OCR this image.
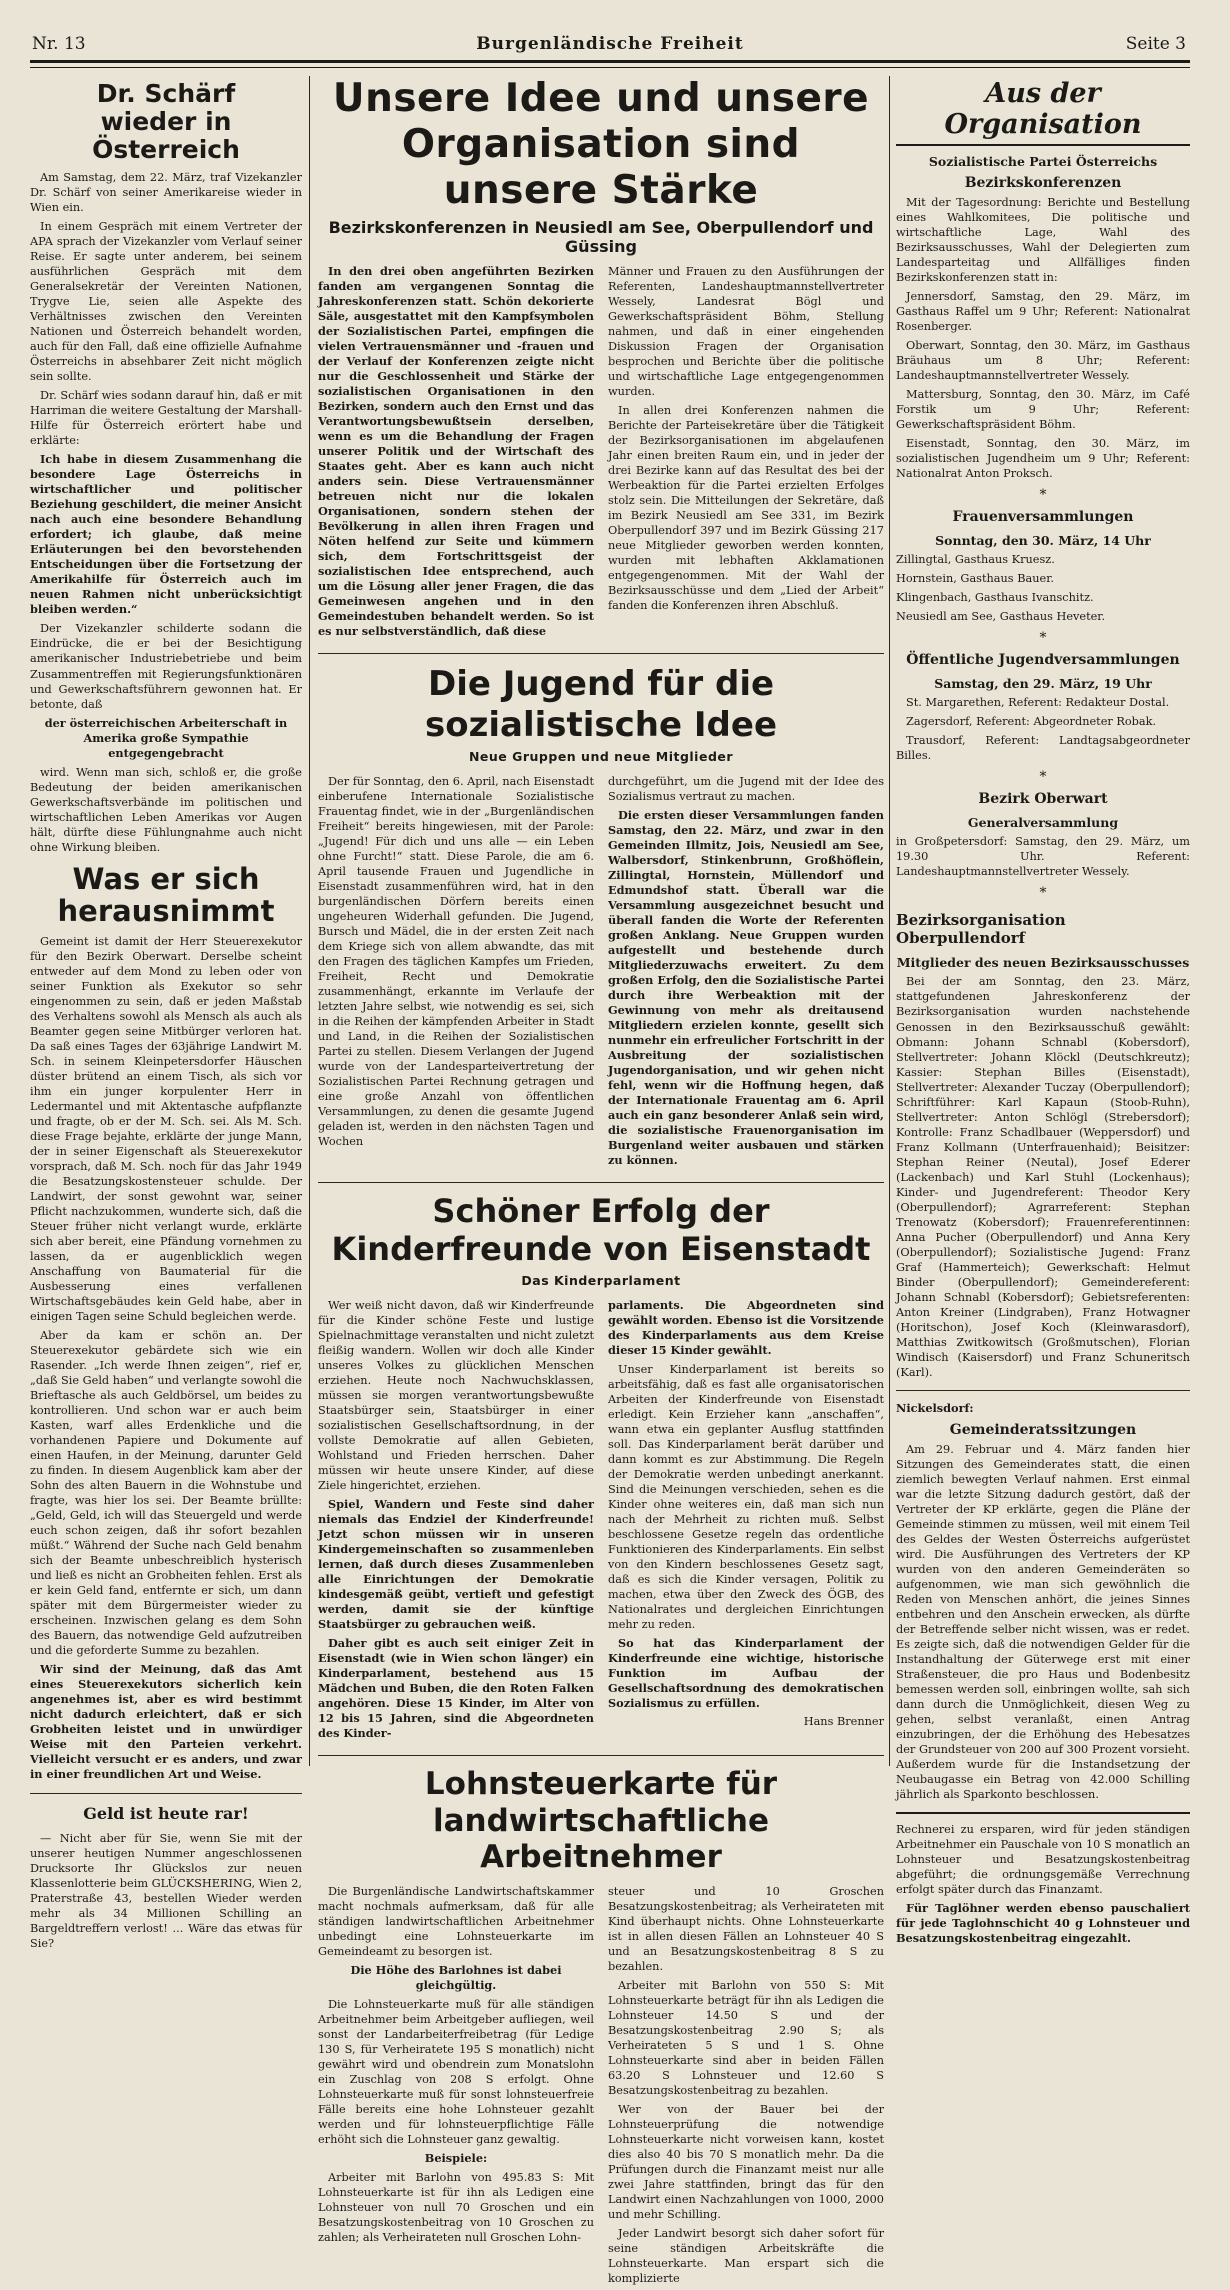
Nr. 13	Burgenländische Freiheit	Seite 3
Dr. Schärf
wieder in Österreich

Am Samstag, dem 22. März, traf Vizekanzler Dr. Schärf von seiner Amerikareise wieder in Wien ein.

In einem Gespräch mit einem Vertreter der APA sprach der Vizekanzler vom Verlauf seiner Reise. Er sagte unter anderem, bei seinem ausführlichen Gespräch mit dem Generalsekretär der Vereinten Nationen, Trygve Lie, seien alle Aspekte des Verhältnisses zwischen den Vereinten Nationen und Österreich behandelt worden, auch für den Fall, daß eine offizielle Aufnahme Österreichs in absehbarer Zeit nicht möglich sein sollte.

Dr. Schärf wies sodann darauf hin, daß er mit Harriman die weitere Gestaltung der Marshall-Hilfe für Österreich erörtert habe und erklärte:

Ich habe in diesem Zusammenhang die besondere Lage Österreichs in wirtschaftlicher und politischer Beziehung geschildert, die meiner Ansicht nach auch eine besondere Behandlung erfordert; ich glaube, daß meine Erläuterungen bei den bevorstehenden Entscheidungen über die Fortsetzung der Amerikahilfe für Österreich auch im neuen Rahmen nicht unberücksichtigt bleiben werden.“

Der Vizekanzler schilderte sodann die Eindrücke, die er bei der Besichtigung amerikanischer Industriebetriebe und beim Zusammentreffen mit Regierungsfunktionären und Gewerkschaftsführern gewonnen hat. Er betonte, daß

der österreichischen Arbeiterschaft in Amerika große Sympathie entgegengebracht

wird. Wenn man sich, schloß er, die große Bedeutung der beiden amerikanischen Gewerkschaftsverbände im politischen und wirtschaftlichen Leben Amerikas vor Augen hält, dürfte diese Fühlungnahme auch nicht ohne Wirkung bleiben.

Was er sich herausnimmt

Gemeint ist damit der Herr Steuerexekutor für den Bezirk Oberwart. Derselbe scheint entweder auf dem Mond zu leben oder von seiner Funktion als Exekutor so sehr eingenommen zu sein, daß er jeden Maßstab des Verhaltens sowohl als Mensch als auch als Beamter gegen seine Mitbürger verloren hat. Da saß eines Tages der 63jährige Landwirt M. Sch. in seinem Kleinpetersdorfer Häuschen düster brütend an einem Tisch, als sich vor ihm ein junger korpulenter Herr in Ledermantel und mit Aktentasche aufpflanzte und fragte, ob er der M. Sch. sei. Als M. Sch. diese Frage bejahte, erklärte der junge Mann, der in seiner Eigenschaft als Steuerexekutor vorsprach, daß M. Sch. noch für das Jahr 1949 die Besatzungskostensteuer schulde. Der Landwirt, der sonst gewohnt war, seiner Pflicht nachzukommen, wunderte sich, daß die Steuer früher nicht verlangt wurde, erklärte sich aber bereit, eine Pfändung vornehmen zu lassen, da er augenblicklich wegen Anschaffung von Baumaterial für die Ausbesserung eines verfallenen Wirtschaftsgebäudes kein Geld habe, aber in einigen Tagen seine Schuld begleichen werde.

Aber da kam er schön an. Der Steuerexekutor gebärdete sich wie ein Rasender. „Ich werde Ihnen zeigen“, rief er, „daß Sie Geld haben“ und verlangte sowohl die Brieftasche als auch Geldbörsel, um beides zu kontrollieren. Und schon war er auch beim Kasten, warf alles Erdenkliche und die vorhandenen Papiere und Dokumente auf einen Haufen, in der Meinung, darunter Geld zu finden. In diesem Augenblick kam aber der Sohn des alten Bauern in die Wohnstube und fragte, was hier los sei. Der Beamte brüllte: „Geld, Geld, ich will das Steuergeld und werde euch schon zeigen, daß ihr sofort bezahlen müßt.“ Während der Suche nach Geld benahm sich der Beamte unbeschreiblich hysterisch und ließ es nicht an Grobheiten fehlen. Erst als er kein Geld fand, entfernte er sich, um dann später mit dem Bürgermeister wieder zu erscheinen. Inzwischen gelang es dem Sohn des Bauern, das notwendige Geld aufzutreiben und die geforderte Summe zu bezahlen.

Wir sind der Meinung, daß das Amt eines Steuerexekutors sicherlich kein angenehmes ist, aber es wird bestimmt nicht dadurch erleichtert, daß er sich Grobheiten leistet und in unwürdiger Weise mit den Parteien verkehrt. Vielleicht versucht er es anders, und zwar in einer freundlichen Art und Weise.

Geld ist heute rar!

— Nicht aber für Sie, wenn Sie mit der unserer heutigen Nummer angeschlossenen Drucksorte Ihr Glückslos zur neuen Klassenlotterie beim GLÜCKSHERING, Wien 2, Praterstraße 43, bestellen Wieder werden mehr als 34 Millionen Schilling an Bargeldtreffern verlost! ... Wäre das etwas für Sie?

Unsere Idee und unsere Organisation sind unsere Stärke
Bezirkskonferenzen in Neusiedl am See, Oberpullendorf und Güssing

In den drei oben angeführten Bezirken fanden am vergangenen Sonntag die Jahreskonferenzen statt. Schön dekorierte Säle, ausgestattet mit den Kampfsymbolen der Sozialistischen Partei, empfingen die vielen Vertrauensmänner und -frauen und der Verlauf der Konferenzen zeigte nicht nur die Geschlossenheit und Stärke der sozialistischen Organisationen in den Bezirken, sondern auch den Ernst und das Verantwortungsbewußtsein derselben, wenn es um die Behandlung der Fragen unserer Politik und der Wirtschaft des Staates geht. Aber es kann auch nicht anders sein. Diese Vertrauensmänner betreuen nicht nur die lokalen Organisationen, sondern stehen der Bevölkerung in allen ihren Fragen und Nöten helfend zur Seite und kümmern sich, dem Fortschrittsgeist der sozialistischen Idee entsprechend, auch um die Lösung aller jener Fragen, die das Gemeinwesen angehen und in den Gemeindestuben behandelt werden. So ist es nur selbstverständlich, daß diese

Männer und Frauen zu den Ausführungen der Referenten, Landeshauptmannstellvertreter Wessely, Landesrat Bögl und Gewerkschaftspräsident Böhm, Stellung nahmen, und daß in einer eingehenden Diskussion Fragen der Organisation besprochen und Berichte über die politische und wirtschaftliche Lage entgegengenommen wurden.

In allen drei Konferenzen nahmen die Berichte der Parteisekretäre über die Tätigkeit der Bezirksorganisationen im abgelaufenen Jahr einen breiten Raum ein, und in jeder der drei Bezirke kann auf das Resultat des bei der Werbeaktion für die Partei erzielten Erfolges stolz sein. Die Mitteilungen der Sekretäre, daß im Bezirk Neusiedl am See 331, im Bezirk Oberpullendorf 397 und im Bezirk Güssing 217 neue Mitglieder geworben werden konnten, wurden mit lebhaften Akklamationen entgegengenommen. Mit der Wahl der Bezirksausschüsse und dem „Lied der Arbeit“ fanden die Konferenzen ihren Abschluß.

Die Jugend für die sozialistische Idee
Neue Gruppen und neue Mitglieder

Der für Sonntag, den 6. April, nach Eisenstadt einberufene Internationale Sozialistische Frauentag findet, wie in der „Burgenländischen Freiheit“ bereits hingewiesen, mit der Parole: „Jugend! Für dich und uns alle — ein Leben ohne Furcht!“ statt. Diese Parole, die am 6. April tausende Frauen und Jugendliche in Eisenstadt zusammenführen wird, hat in den burgenländischen Dörfern bereits einen ungeheuren Widerhall gefunden. Die Jugend, Bursch und Mädel, die in der ersten Zeit nach dem Kriege sich von allem abwandte, das mit den Fragen des täglichen Kampfes um Frieden, Freiheit, Recht und Demokratie zusammenhängt, erkannte im Verlaufe der letzten Jahre selbst, wie notwendig es sei, sich in die Reihen der kämpfenden Arbeiter in Stadt und Land, in die Reihen der Sozialistischen Partei zu stellen. Diesem Verlangen der Jugend wurde von der Landesparteivertretung der Sozialistischen Partei Rechnung getragen und eine große Anzahl von öffentlichen Versammlungen, zu denen die gesamte Jugend geladen ist, werden in den nächsten Tagen und Wochen

durchgeführt, um die Jugend mit der Idee des Sozialismus vertraut zu machen.

Die ersten dieser Versammlungen fanden Samstag, den 22. März, und zwar in den Gemeinden Illmitz, Jois, Neusiedl am See, Walbersdorf, Stinkenbrunn, Großhöflein, Zillingtal, Hornstein, Müllendorf und Edmundshof statt. Überall war die Versammlung ausgezeichnet besucht und überall fanden die Worte der Referenten großen Anklang. Neue Gruppen wurden aufgestellt und bestehende durch Mitgliederzuwachs erweitert. Zu dem großen Erfolg, den die Sozialistische Partei durch ihre Werbeaktion mit der Gewinnung von mehr als dreitausend Mitgliedern erzielen konnte, gesellt sich nunmehr ein erfreulicher Fortschritt in der Ausbreitung der sozialistischen Jugendorganisation, und wir gehen nicht fehl, wenn wir die Hoffnung hegen, daß der Internationale Frauentag am 6. April auch ein ganz besonderer Anlaß sein wird, die sozialistische Frauenorganisation im Burgenland weiter ausbauen und stärken zu können.

Schöner Erfolg der Kinderfreunde von Eisenstadt
Das Kinderparlament

Wer weiß nicht davon, daß wir Kinderfreunde für die Kinder schöne Feste und lustige Spielnachmittage veranstalten und nicht zuletzt fleißig wandern. Wollen wir doch alle Kinder unseres Volkes zu glücklichen Menschen erziehen. Heute noch Nachwuchsklassen, müssen sie morgen verantwortungsbewußte Staatsbürger sein, Staatsbürger in einer sozialistischen Gesellschaftsordnung, in der vollste Demokratie auf allen Gebieten, Wohlstand und Frieden herrschen. Daher müssen wir heute unsere Kinder, auf diese Ziele hingerichtet, erziehen.

Spiel, Wandern und Feste sind daher niemals das Endziel der Kinderfreunde! Jetzt schon müssen wir in unseren Kindergemeinschaften so zusammenleben lernen, daß durch dieses Zusammenleben alle Einrichtungen der Demokratie kindesgemäß geübt, vertieft und gefestigt werden, damit sie der künftige Staatsbürger zu gebrauchen weiß.

Daher gibt es auch seit einiger Zeit in Eisenstadt (wie in Wien schon länger) ein Kinderparlament, bestehend aus 15 Mädchen und Buben, die den Roten Falken angehören. Diese 15 Kinder, im Alter von 12 bis 15 Jahren, sind die Abgeordneten des Kinder-

parlaments. Die Abgeordneten sind gewählt worden. Ebenso ist die Vorsitzende des Kinderparlaments aus dem Kreise dieser 15 Kinder gewählt.

Unser Kinderparlament ist bereits so arbeitsfähig, daß es fast alle organisatorischen Arbeiten der Kinderfreunde von Eisenstadt erledigt. Kein Erzieher kann „anschaffen“, wann etwa ein geplanter Ausflug stattfinden soll. Das Kinderparlament berät darüber und dann kommt es zur Abstimmung. Die Regeln der Demokratie werden unbedingt anerkannt. Sind die Meinungen verschieden, sehen es die Kinder ohne weiteres ein, daß man sich nun nach der Mehrheit zu richten muß. Selbst beschlossene Gesetze regeln das ordentliche Funktionieren des Kinderparlaments. Ein selbst von den Kindern beschlossenes Gesetz sagt, daß es sich die Kinder versagen, Politik zu machen, etwa über den Zweck des ÖGB, des Nationalrates und dergleichen Einrichtungen mehr zu reden.

So hat das Kinderparlament der Kinderfreunde eine wichtige, historische Funktion im Aufbau der Gesellschaftsordnung des demokratischen Sozialismus zu erfüllen.

Hans Brenner
Lohnsteuerkarte für landwirtschaftliche Arbeitnehmer

Die Burgenländische Landwirtschaftskammer macht nochmals aufmerksam, daß für alle ständigen landwirtschaftlichen Arbeitnehmer unbedingt eine Lohnsteuerkarte im Gemeindeamt zu besorgen ist.

Die Höhe des Barlohnes ist dabei gleichgültig.

Die Lohnsteuerkarte muß für alle ständigen Arbeitnehmer beim Arbeitgeber aufliegen, weil sonst der Landarbeiterfreibetrag (für Ledige 130 S, für Verheiratete 195 S monatlich) nicht gewährt wird und obendrein zum Monatslohn ein Zuschlag von 208 S erfolgt. Ohne Lohnsteuerkarte muß für sonst lohnsteuerfreie Fälle bereits eine hohe Lohnsteuer gezahlt werden und für lohnsteuerpflichtige Fälle erhöht sich die Lohnsteuer ganz gewaltig.

Beispiele:

Arbeiter mit Barlohn von 495.83 S: Mit Lohnsteuerkarte ist für ihn als Ledigen eine Lohnsteuer von null 70 Groschen und ein Besatzungskostenbeitrag von 10 Groschen zu zahlen; als Verheirateten null Groschen Lohn-

steuer und 10 Groschen Besatzungskostenbeitrag; als Verheirateten mit Kind überhaupt nichts. Ohne Lohnsteuerkarte ist in allen diesen Fällen an Lohnsteuer 40 S und an Besatzungskostenbeitrag 8 S zu bezahlen.

Arbeiter mit Barlohn von 550 S: Mit Lohnsteuerkarte beträgt für ihn als Ledigen die Lohnsteuer 14.50 S und der Besatzungskostenbeitrag 2.90 S; als Verheirateten 5 S und 1 S. Ohne Lohnsteuerkarte sind aber in beiden Fällen 63.20 S Lohnsteuer und 12.60 S Besatzungskostenbeitrag zu bezahlen.

Wer von der Bauer bei der Lohnsteuerprüfung die notwendige Lohnsteuerkarte nicht vorweisen kann, kostet dies also 40 bis 70 S monatlich mehr. Da die Prüfungen durch die Finanzamt meist nur alle zwei Jahre stattfinden, bringt das für den Landwirt einen Nachzahlungen von 1000, 2000 und mehr Schilling.

Jeder Landwirt besorgt sich daher sofort für seine ständigen Arbeitskräfte die Lohnsteuerkarte. Man erspart sich die komplizierte

Aus der Organisation
Sozialistische Partei Österreichs
Bezirkskonferenzen

Mit der Tagesordnung: Berichte und Bestellung eines Wahlkomitees, Die politische und wirtschaftliche Lage, Wahl des Bezirksausschusses, Wahl der Delegierten zum Landesparteitag und Allfälliges finden Bezirkskonferenzen statt in:

Jennersdorf, Samstag, den 29. März, im Gasthaus Raffel um 9 Uhr; Referent: Nationalrat Rosenberger.

Oberwart, Sonntag, den 30. März, im Gasthaus Bräuhaus um 8 Uhr; Referent: Landeshauptmannstellvertreter Wessely.

Mattersburg, Sonntag, den 30. März, im Café Forstik um 9 Uhr; Referent: Gewerkschaftspräsident Böhm.

Eisenstadt, Sonntag, den 30. März, im sozialistischen Jugendheim um 9 Uhr; Referent: Nationalrat Anton Proksch.

*
Frauenversammlungen
Sonntag, den 30. März, 14 Uhr

Zillingtal, Gasthaus Kruesz.

Hornstein, Gasthaus Bauer.

Klingenbach, Gasthaus Ivanschitz.

Neusiedl am See, Gasthaus Heveter.

*
Öffentliche Jugendversammlungen
Samstag, den 29. März, 19 Uhr

St. Margarethen, Referent: Redakteur Dostal.

Zagersdorf, Referent: Abgeordneter Robak.

Trausdorf, Referent: Landtagsabgeordneter Billes.

*
Bezirk Oberwart
Generalversammlung

in Großpetersdorf: Samstag, den 29. März, um 19.30 Uhr. Referent: Landeshauptmannstellvertreter Wessely.

*
Bezirksorganisation Oberpullendorf
Mitglieder des neuen Bezirksausschusses

Bei der am Sonntag, den 23. März, stattgefundenen Jahreskonferenz der Bezirksorganisation wurden nachstehende Genossen in den Bezirksausschuß gewählt: Obmann: Johann Schnabl (Kobersdorf), Stellvertreter: Johann Klöckl (Deutschkreutz); Kassier: Stephan Billes (Eisenstadt), Stellvertreter: Alexander Tuczay (Oberpullendorf); Schriftführer: Karl Kapaun (Stoob-Ruhn), Stellvertreter: Anton Schlögl (Strebersdorf); Kontrolle: Franz Schadlbauer (Weppersdorf) und Franz Kollmann (Unterfrauenhaid); Beisitzer: Stephan Reiner (Neutal), Josef Ederer (Lackenbach) und Karl Stuhl (Lockenhaus); Kinder- und Jugendreferent: Theodor Kery (Oberpullendorf); Agrarreferent: Stephan Trenowatz (Kobersdorf); Frauenreferentinnen: Anna Pucher (Oberpullendorf) und Anna Kery (Oberpullendorf); Sozialistische Jugend: Franz Graf (Hammerteich); Gewerkschaft: Helmut Binder (Oberpullendorf); Gemeindereferent: Johann Schnabl (Kobersdorf); Gebietsreferenten: Anton Kreiner (Lindgraben), Franz Hotwagner (Horitschon), Josef Koch (Kleinwarasdorf), Matthias Zwitkowitsch (Großmutschen), Florian Windisch (Kaisersdorf) und Franz Schuneritsch (Karl).

Nickelsdorf:

Gemeinderatssitzungen

Am 29. Februar und 4. März fanden hier Sitzungen des Gemeinderates statt, die einen ziemlich bewegten Verlauf nahmen. Erst einmal war die letzte Sitzung dadurch gestört, daß der Vertreter der KP erklärte, gegen die Pläne der Gemeinde stimmen zu müssen, weil mit einem Teil des Geldes der Westen Österreichs aufgerüstet wird. Die Ausführungen des Vertreters der KP wurden von den anderen Gemeinderäten so aufgenommen, wie man sich gewöhnlich die Reden von Menschen anhört, die jeines Sinnes entbehren und den Anschein erwecken, als dürfte der Betreffende selber nicht wissen, was er redet. Es zeigte sich, daß die notwendigen Gelder für die Instandhaltung der Güterwege erst mit einer Straßensteuer, die pro Haus und Bodenbesitz bemessen werden soll, einbringen wollte, sah sich dann durch die Unmöglichkeit, diesen Weg zu gehen, selbst veranlaßt, einen Antrag einzubringen, der die Erhöhung des Hebesatzes der Grundsteuer von 200 auf 300 Prozent vorsieht. Außerdem wurde für die Instandsetzung der Neubaugasse ein Betrag von 42.000 Schilling jährlich als Sparkonto beschlossen.

Rechnerei zu ersparen, wird für jeden ständigen Arbeitnehmer ein Pauschale von 10 S monatlich an Lohnsteuer und Besatzungskostenbeitrag abgeführt; die ordnungsgemäße Verrechnung erfolgt später durch das Finanzamt.

Für Taglöhner werden ebenso pauschaliert für jede Taglohnschicht 40 g Lohnsteuer und Besatzungskostenbeitrag eingezahlt.
